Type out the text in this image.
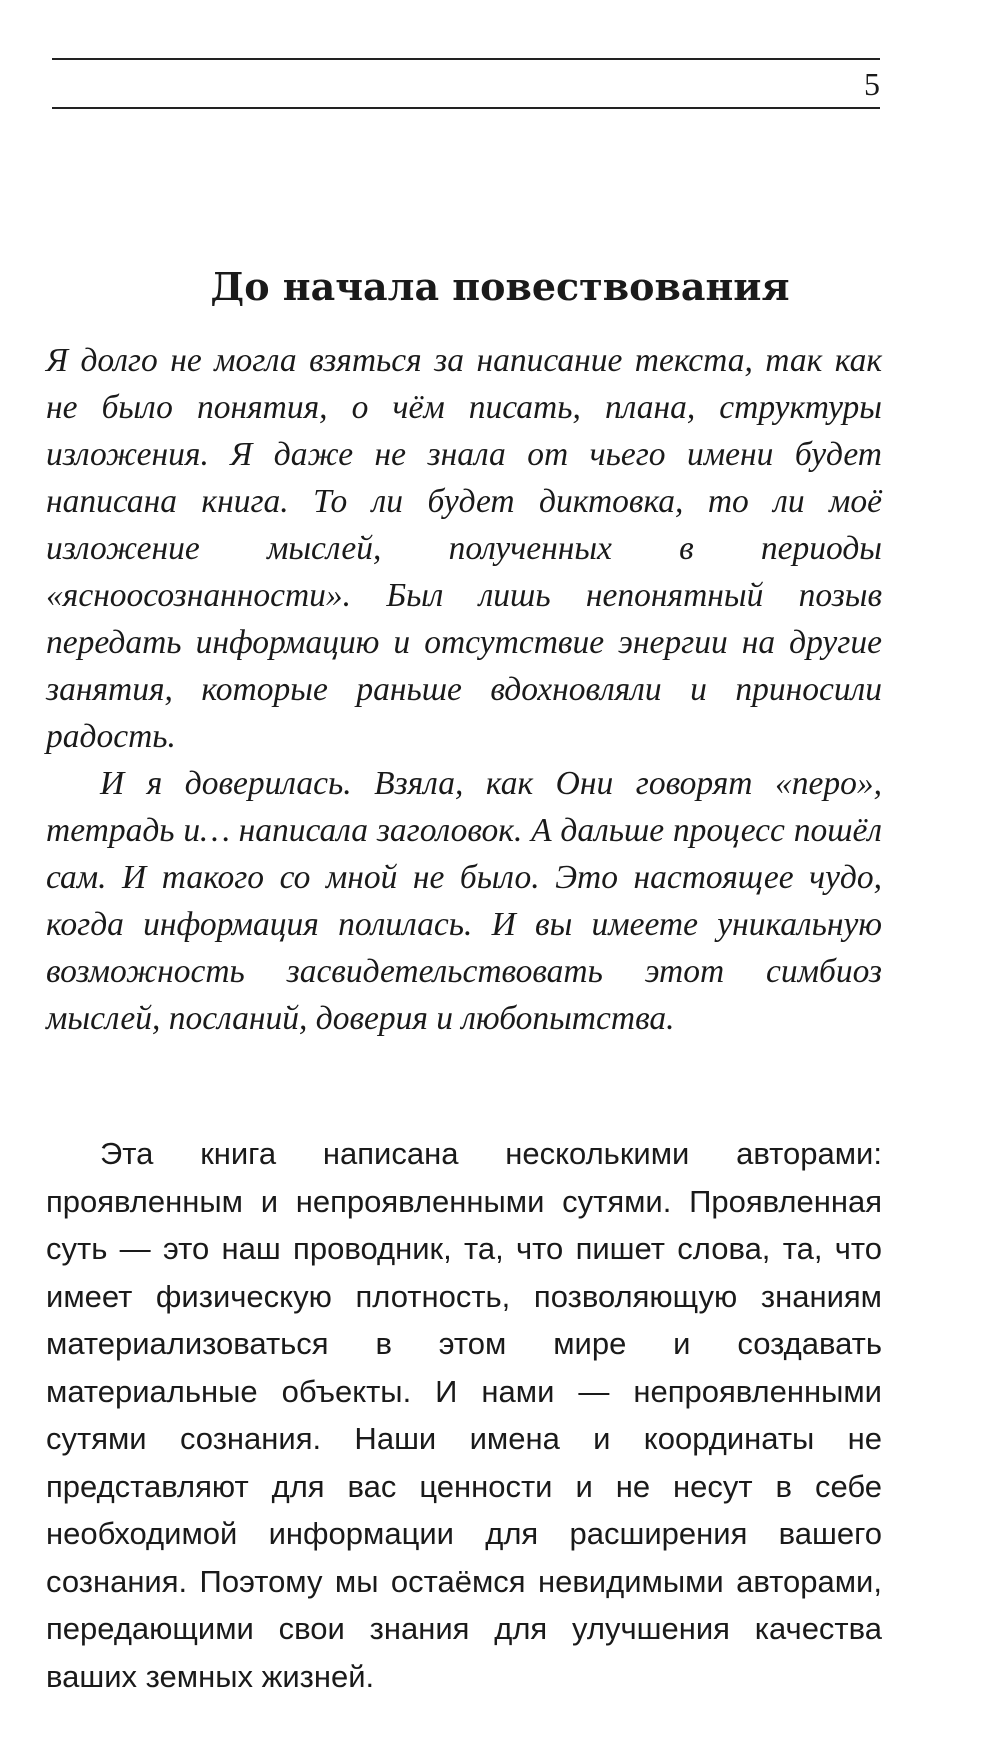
5
До начала повествования

Я долго не могла взяться за написание текста, так как не было понятия, о чём писать, плана, структуры изложения. Я даже не знала от чьего имени будет написана книга. То ли будет диктовка, то ли моё изложение мыслей, полученных в периоды «ясноосознанности». Был лишь непонятный позыв передать информацию и отсутствие энергии на другие занятия, которые раньше вдохновляли и приносили радость.

И я доверилась. Взяла, как Они говорят «перо», тетрадь и… написала заголовок. А дальше процесс пошёл сам. И такого со мной не было. Это настоящее чудо, когда информация полилась. И вы имеете уникальную возможность засвидетельствовать этот симбиоз мыслей, посланий, доверия и любопытства.

Эта книга написана несколькими авторами: проявленным и непроявленными сутями. Проявленная суть — это наш проводник, та, что пишет слова, та, что имеет физическую плотность, позволяющую знаниям материализоваться в этом мире и создавать материальные объекты. И нами — непроявленными сутями сознания. Наши имена и координаты не представляют для вас ценности и не несут в себе необходимой информации для расширения вашего сознания. Поэтому мы остаёмся невидимыми авторами, передающими свои знания для улучшения качества ваших земных жизней.
